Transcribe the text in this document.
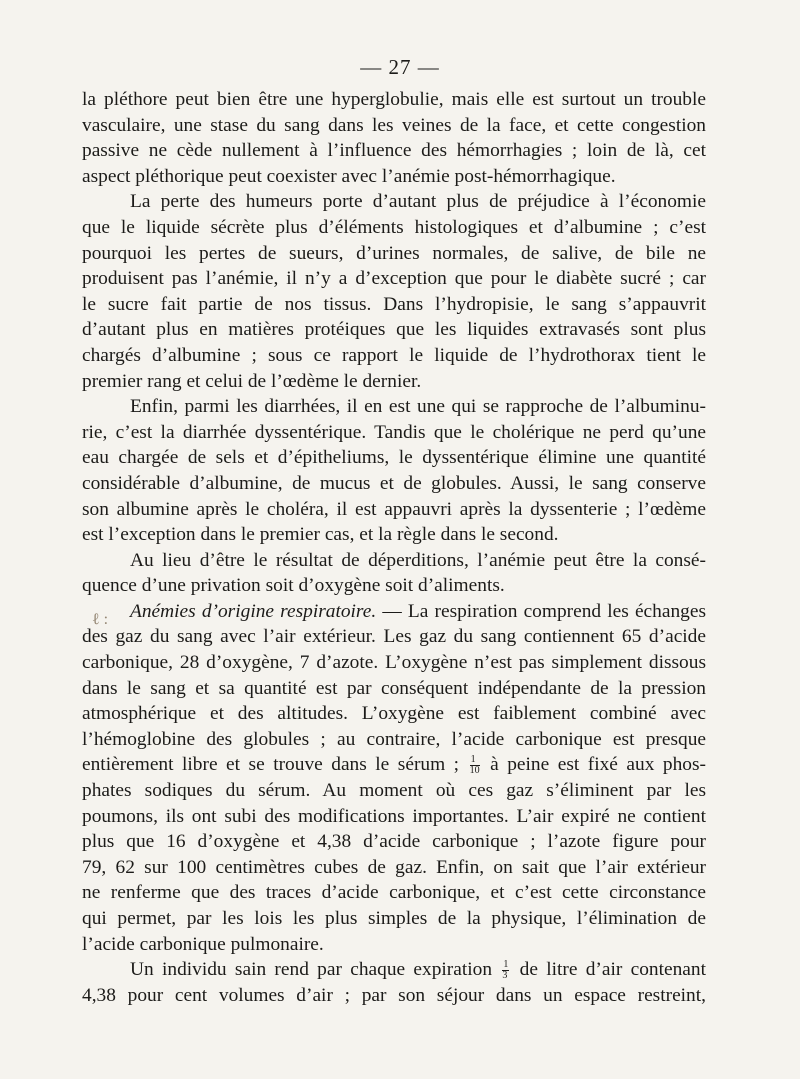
— 27 —
ℓ :

la pléthore peut bien être une hyperglobulie, mais elle est surtout un trouble
vasculaire, une stase du sang dans les veines de la face, et cette congestion
passive ne cède nullement à l’influence des hémorrhagies ; loin de là, cet
aspect pléthorique peut coexister avec l’anémie post-hémorrhagique.

La perte des humeurs porte d’autant plus de préjudice à l’économie
que le liquide sécrète plus d’éléments histologiques et d’albumine ; c’est
pourquoi les pertes de sueurs, d’urines normales, de salive, de bile ne
produisent pas l’anémie, il n’y a d’exception que pour le diabète sucré ; car
le sucre fait partie de nos tissus. Dans l’hydropisie, le sang s’appauvrit
d’autant plus en matières protéiques que les liquides extravasés sont plus
chargés d’albumine ; sous ce rapport le liquide de l’hydrothorax tient le
premier rang et celui de l’œdème le dernier.

Enfin, parmi les diarrhées, il en est une qui se rapproche de l’albuminu-
rie, c’est la diarrhée dyssentérique. Tandis que le cholérique ne perd qu’une
eau chargée de sels et d’épitheliums, le dyssentérique élimine une quantité
considérable d’albumine, de mucus et de globules. Aussi, le sang conserve
son albumine après le choléra, il est appauvri après la dyssenterie ; l’œdème
est l’exception dans le premier cas, et la règle dans le second.

Au lieu d’être le résultat de déperditions, l’anémie peut être la consé-
quence d’une privation soit d’oxygène soit d’aliments.

Anémies d’origine respiratoire. — La respiration comprend les échanges
des gaz du sang avec l’air extérieur. Les gaz du sang contiennent 65 d’acide
carbonique, 28 d’oxygène, 7 d’azote. L’oxygène n’est pas simplement dissous
dans le sang et sa quantité est par conséquent indépendante de la pression
atmosphérique et des altitudes. L’oxygène est faiblement combiné avec
l’hémoglobine des globules ; au contraire, l’acide carbonique est presque
entièrement libre et se trouve dans le sérum ; $\frac{1}{10}$ à peine est fixé aux phos-
phates sodiques du sérum. Au moment où ces gaz s’éliminent par les
poumons, ils ont subi des modifications importantes. L’air expiré ne contient
plus que 16 d’oxygène et 4,38 d’acide carbonique ; l’azote figure pour
79, 62 sur 100 centimètres cubes de gaz. Enfin, on sait que l’air extérieur
ne renferme que des traces d’acide carbonique, et c’est cette circonstance
qui permet, par les lois les plus simples de la physique, l’élimination de
l’acide carbonique pulmonaire.

Un individu sain rend par chaque expiration $\frac{1}{3}$ de litre d’air contenant
4,38 pour cent volumes d’air ; par son séjour dans un espace restreint,
